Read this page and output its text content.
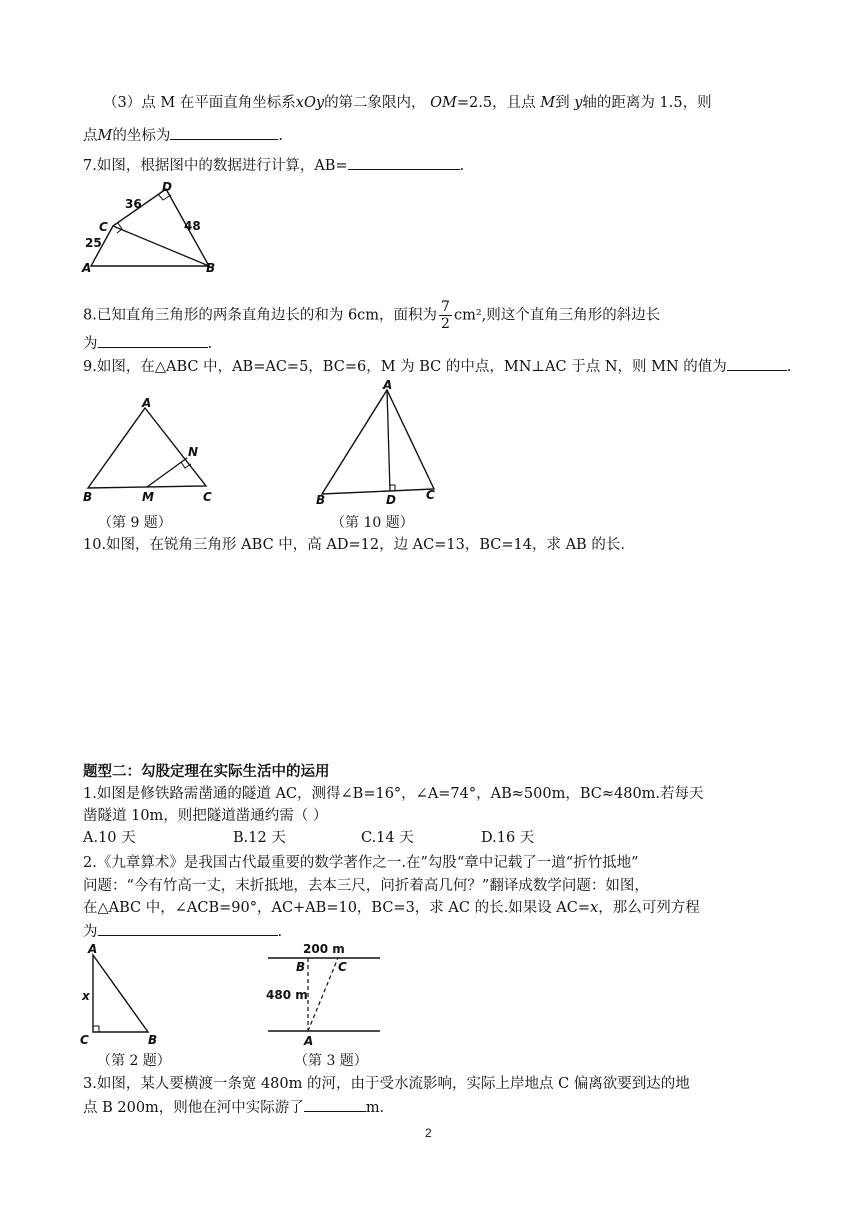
（3）点 M 在平面直角坐标系xOy的第二象限内， OM=2.5，且点 M到 y轴的距离为 1.5，则
点M的坐标为	.
7.如图，根据图中的数据进行计算，AB=	.
D
C
A	B
36
48
25
8.已知直角三角形的两条直角边长的和为 6cm，面积为 $\frac{7}{2} cm^2$,则这个直角三角形的斜边长
为	.
9.如图，在△ABC 中，AB=AC=5，BC=6，M 为 BC 的中点，MN⊥AC 于点 N，则 MN 的值为	.
A
N
B	M	C
（第 9 题）
A
B	D	C
（第 10 题）
10.如图，在锐角三角形 ABC 中，高 AD=12，边 AC=13，BC=14，求 AB 的长.
题型二：勾股定理在实际生活中的运用
1.如图是修铁路需凿通的隧道 AC，测得∠B=16°，∠A=74°，AB≈500m，BC≈480m.若每天
凿隧道 10m，则把隧道凿通约需（ ）
A.10 天	B.12 天	C.14 天	D.16 天
2.《九章算术》是我国古代最重要的数学著作之一.在”勾股“章中记载了一道“折竹抵地”
问题：“今有竹高一丈，末折抵地，去本三尺，问折着高几何？”翻译成数学问题：如图，
在△ABC 中，∠ACB=90°，AC+AB=10，BC=3，求 AC 的长.如果设 AC=x，那么可列方程
为	.
A
x
C	B
（第 2 题）
200 m
B	C
480 m
A
（第 3 题）
3.如图，某人要横渡一条宽 480m 的河，由于受水流影响，实际上岸地点 C 偏离欲要到达的地
点 B 200m，则他在河中实际游了	m.
2
